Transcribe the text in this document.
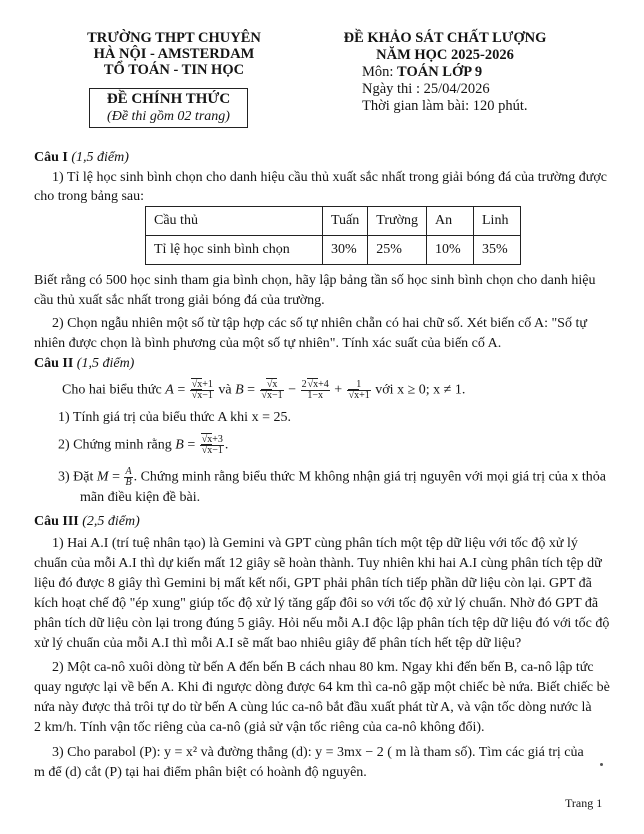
TRƯỜNG THPT CHUYÊN
HÀ NỘI - AMSTERDAM
TỔ TOÁN - TIN HỌC
ĐỀ CHÍNH THỨC
(Đề thi gồm 02 trang)
ĐỀ KHẢO SÁT CHẤT LƯỢNG
NĂM HỌC 2025-2026
Môn: TOÁN LỚP 9
Ngày thi : 25/04/2026
Thời gian làm bài: 120 phút.
Câu I (1,5 điểm)
1) Tỉ lệ học sinh bình chọn cho danh hiệu cầu thủ xuất sắc nhất trong giải bóng đá của trường được
cho trong bảng sau:
Cầu thủ	Tuấn	Trường	An	Linh
Tỉ lệ học sinh bình chọn	30%	25%	10%	35%
Biết rằng có 500 học sinh tham gia bình chọn, hãy lập bảng tần số học sinh bình chọn cho danh hiệu
cầu thủ xuất sắc nhất trong giải bóng đá của trường.
2) Chọn ngẫu nhiên một số từ tập hợp các số tự nhiên chẵn có hai chữ số. Xét biến cố A: "Số tự
nhiên được chọn là bình phương của một số tự nhiên". Tính xác suất của biến cố A.
Câu II (1,5 điểm)
Cho hai biểu thức $A = \frac{√x+1}{√x-1}$ và $B = \frac{√x}{√x-1} - \frac{2√x+4}{1-x} + \frac{1}{√x+1}$ với x ≥ 0; x ≠ 1.
1) Tính giá trị của biểu thức A khi x = 25.
2) Chứng minh rằng $B = \frac{√x+3}{√x-1}$ .
3) Đặt $M = \frac{A}{B}$ . Chứng minh rằng biểu thức M không nhận giá trị nguyên với mọi giá trị của x thỏa
mãn điều kiện đề bài.
Câu III (2,5 điểm)
1) Hai A.I (trí tuệ nhân tạo) là Gemini và GPT cùng phân tích một tệp dữ liệu với tốc độ xử lý
chuẩn của mỗi A.I thì dự kiến mất 12 giây sẽ hoàn thành. Tuy nhiên khi hai A.I cùng phân tích tệp dữ
liệu đó được 8 giây thì Gemini bị mất kết nối, GPT phải phân tích tiếp phần dữ liệu còn lại. GPT đã
kích hoạt chế độ "ép xung" giúp tốc độ xử lý tăng gấp đôi so với tốc độ xử lý chuẩn. Nhờ đó GPT đã
phân tích dữ liệu còn lại trong đúng 5 giây. Hỏi nếu mỗi A.I độc lập phân tích tệp dữ liệu đó với tốc độ
xử lý chuẩn của mỗi A.I thì mỗi A.I sẽ mất bao nhiêu giây để phân tích hết tệp dữ liệu?
2) Một ca-nô xuôi dòng từ bến A đến bến B cách nhau 80 km. Ngay khi đến bến B, ca-nô lập tức
quay ngược lại về bến A. Khi đi ngược dòng được 64 km thì ca-nô gặp một chiếc bè nứa. Biết chiếc bè
nứa này được thả trôi tự do từ bến A cùng lúc ca-nô bắt đầu xuất phát từ A, và vận tốc dòng nước là
2 km/h. Tính vận tốc riêng của ca-nô (giả sử vận tốc riêng của ca-nô không đổi).
3) Cho parabol (P): y = x² và đường thẳng (d): y = 3mx − 2 ( m là tham số). Tìm các giá trị của
m để (d) cắt (P) tại hai điểm phân biệt có hoành độ nguyên.
Trang 1
